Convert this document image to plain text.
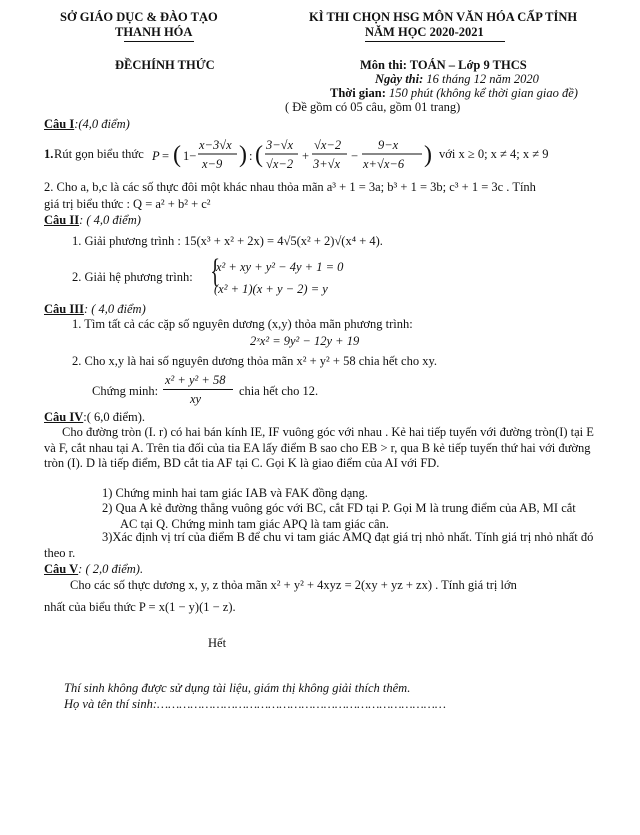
SỞ GIÁO DỤC & ĐÀO TẠO
THANH HÓA
KÌ THI CHỌN HSG MÔN VĂN HÓA CẤP TỈNH
NĂM HỌC 2020-2021
ĐỀCHÍNH THỨC	Môn thi: TOÁN – Lớp 9 THCS
Ngày thi: 16 tháng 12 năm 2020
Thời gian: 150 phút (không kể thời gian giao đề)
( Đề gồm có 05 câu, gồm 01 trang)
Câu I:(4,0 điểm)
1. Rút gọn biểu thức P = ( 1−
x−3√x
x−9 ) : ( 3−√x
√x−2
+
√x−2
3+√x
−
9−x
x+√x−6 ) với x ≥ 0; x ≠ 4; x ≠ 9
2. Cho a, b,c là các số thực đôi một khác nhau thỏa mãn a³ + 1 = 3a; b³ + 1 = 3b; c³ + 1 = 3c . Tính
giá trị biểu thức : Q = a² + b² + c²
Câu II: ( 4,0 điểm)
1. Giải phương trình : 15(x³ + x² + 2x) = 4√5(x² + 2)√(x⁴ + 4).
2. Giải hệ phương trình: {
x² + xy + y² − 4y + 1 = 0
(x² + 1)(x + y − 2) = y
Câu III: ( 4,0 điểm)
1. Tìm tất cả các cặp số nguyên dương (x,y) thỏa mãn phương trình:
2ˣx² = 9y² − 12y + 19
2. Cho x,y là hai số nguyên dương thỏa mãn x² + y² + 58 chia hết cho xy.
Chứng minh:
x² + y² + 58
xy
chia hết cho 12.
Câu IV:( 6,0 điểm).
Cho đường tròn (I. r) có hai bán kính IE, IF vuông góc với nhau . Kẻ hai tiếp tuyến với đường tròn(I) tại E và F, cắt nhau tại A. Trên tia đối của tia EA lấy điểm B sao cho EB > r, qua B kẻ tiếp tuyến thứ hai với đường tròn (I). D là tiếp điểm, BD cắt tia AF tại C. Gọi K là giao điểm của AI với FD.
1) Chứng minh hai tam giác IAB và FAK đồng dạng.
2) Qua A kẻ đường thẳng vuông góc với BC, cắt FD tại P. Gọi M là trung điểm của AB, MI cắt AC tại Q. Chứng minh tam giác APQ là tam giác cân.
3)Xác định vị trí của điểm B để chu vi tam giác AMQ đạt giá trị nhỏ nhất. Tính giá trị nhỏ nhất đó theo r.
Câu V: ( 2,0 điểm).
Cho các số thực dương x, y, z thỏa mãn x² + y² + 4xyz = 2(xy + yz + zx) . Tính giá trị lớn
nhất của biểu thức P = x(1 − y)(1 − z).
Hết
Thí sinh không được sử dụng tài liệu, giám thị không giải thích thêm.
Họ và tên thí sinh:……………………………………………………………………
